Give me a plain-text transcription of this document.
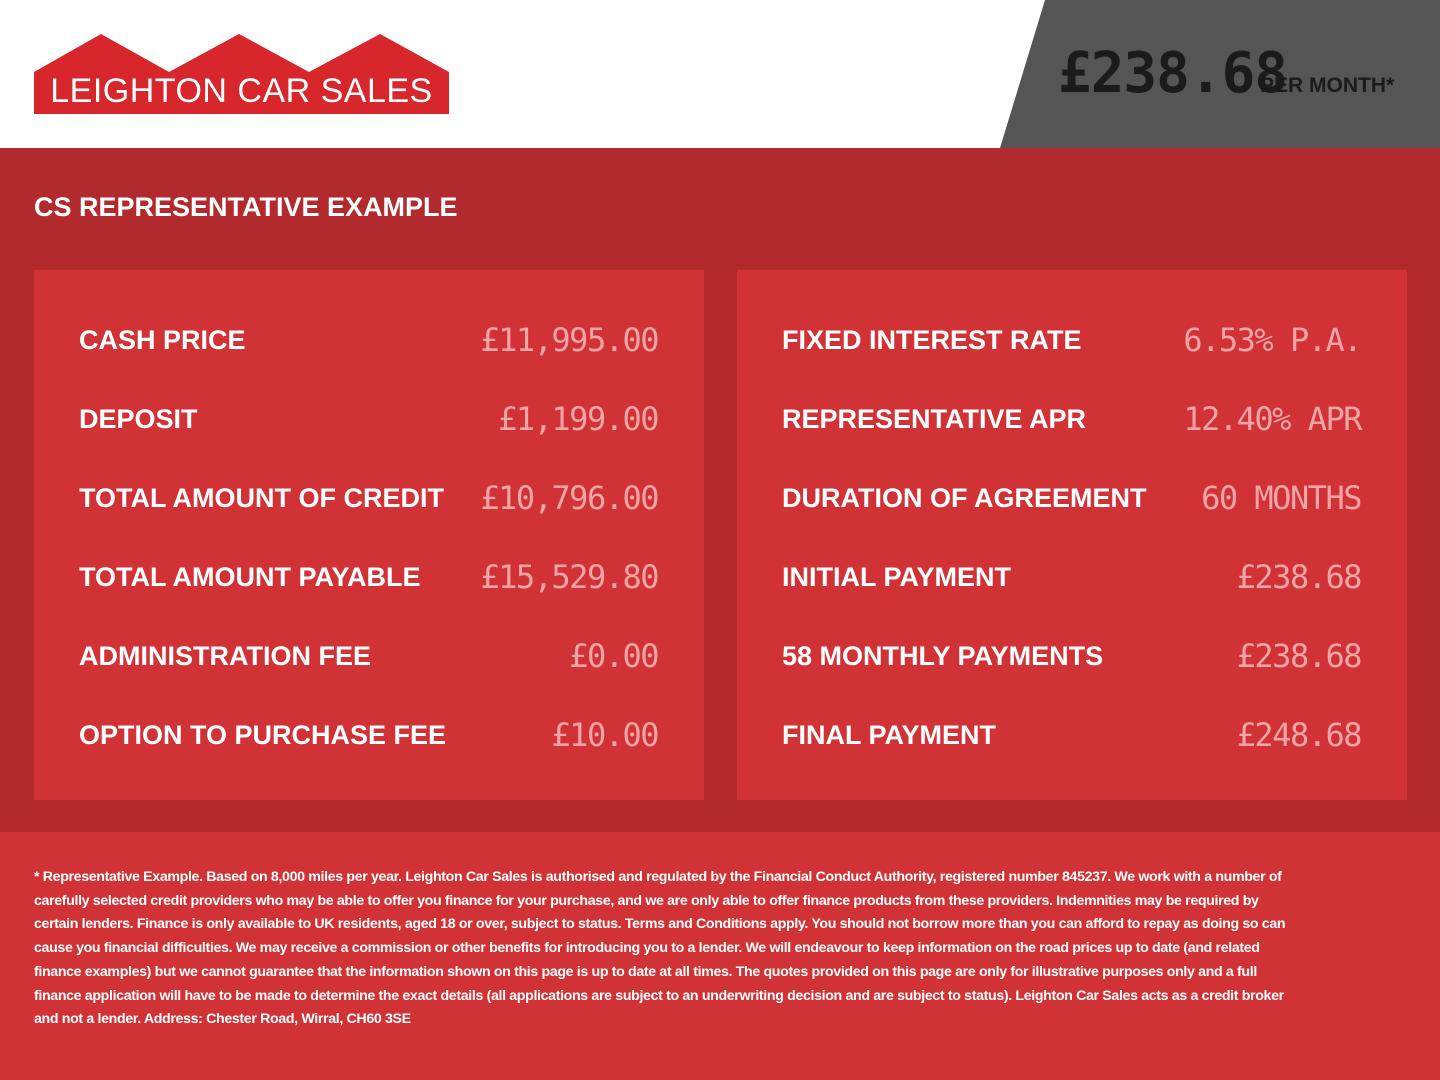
LEIGHTON CAR SALES	£238.68
PER MONTH*
CS REPRESENTATIVE EXAMPLE
CASH PRICE	£11,995.00
DEPOSIT	£1,199.00
TOTAL AMOUNT OF CREDIT £10,796.00
TOTAL AMOUNT PAYABLE £15,529.80
ADMINISTRATION FEE	£0.00
OPTION TO PURCHASE FEE	£10.00
FIXED INTEREST RATE	6.53% P.A.
REPRESENTATIVE APR	12.40% APR
DURATION OF AGREEMENT 60 MONTHS
INITIAL PAYMENT	£238.68
58 MONTHLY PAYMENTS	£238.68
FINAL PAYMENT	£248.68
* Representative Example. Based on 8,000 miles per year. Leighton Car Sales is authorised and regulated by the Financial Conduct Authority, registered number 845237. We work with a number of carefully selected credit providers who may be able to offer you finance for your purchase, and we are only able to offer finance products from these providers. Indemnities may be required by certain lenders. Finance is only available to UK residents, aged 18 or over, subject to status. Terms and Conditions apply. You should not borrow more than you can afford to repay as doing so can cause you financial difficulties. We may receive a commission or other benefits for introducing you to a lender. We will endeavour to keep information on the road prices up to date (and related finance examples) but we cannot guarantee that the information shown on this page is up to date at all times. The quotes provided on this page are only for illustrative purposes only and a full finance application will have to be made to determine the exact details (all applications are subject to an underwriting decision and are subject to status). Leighton Car Sales acts as a credit broker and not a lender. Address: Chester Road, Wirral, CH60 3SE
